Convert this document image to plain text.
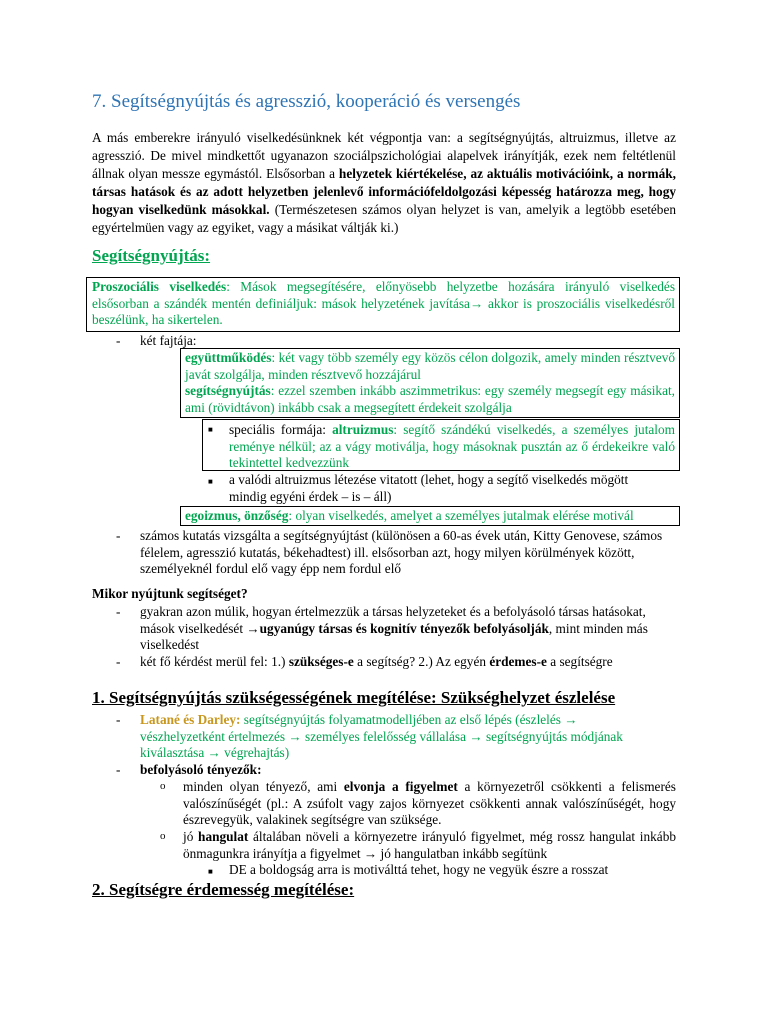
7. Segítségnyújtás és agresszió, kooperáció és versengés
A más emberekre irányuló viselkedésünknek két végpontja van: a segítségnyújtás, altruizmus, illetve az agresszió. De mivel mindkettőt ugyanazon szociálpszichológiai alapelvek irányítják, ezek nem feltétlenül állnak olyan messze egymástól. Elsősorban a helyzetek kiértékelése, az aktuális motivációink, a normák, társas hatások és az adott helyzetben jelenlevő információfeldolgozási képesség határozza meg, hogy hogyan viselkedünk másokkal. (Természetesen számos olyan helyzet is van, amelyik a legtöbb esetében egyértelmüen vagy az egyiket, vagy a másikat váltják ki.)
Segítségnyújtás:
Proszociális viselkedés: Mások megsegítésére, előnyösebb helyzetbe hozására irányuló viselkedés elsősorban a szándék mentén definiáljuk: mások helyzetének javítása→ akkor is proszociális viselkedésről beszélünk, ha sikertelen.
- két fajtája:
együttműködés: két vagy több személy egy közös célon dolgozik, amely minden résztvevő javát szolgálja, minden résztvevő hozzájárul
segítségnyújtás: ezzel szemben inkább aszimmetrikus: egy személy megsegít egy másikat, ami (rövidtávon) inkább csak a megsegített érdekeit szolgálja
■	speciális formája: altruizmus: segítő szándékú viselkedés, a személyes jutalom reménye nélkül; az a vágy motiválja, hogy másoknak pusztán az ő érdekeikre való tekintettel kedvezzünk
■ a valódi altruizmus létezése vitatott (lehet, hogy a segítő viselkedés mögött mindig egyéni érdek – is – áll)
egoizmus, önzőség: olyan viselkedés, amelyet a személyes jutalmak elérése motivál
- számos kutatás vizsgálta a segítségnyújtást (különösen a 60-as évek után, Kitty Genovese, számos félelem, agresszió kutatás, békehadtest) ill. elsősorban azt, hogy milyen körülmények között, személyeknél fordul elő vagy épp nem fordul elő
Mikor nyújtunk segítséget?
- gyakran azon múlik, hogyan értelmezzük a társas helyzeteket és a befolyásoló társas hatásokat, mások viselkedését →ugyanúgy társas és kognitív tényezők befolyásolják, mint minden más viselkedést
- két fő kérdést merül fel: 1.) szükséges-e a segítség? 2.) Az egyén érdemes-e a segítségre
1. Segítségnyújtás szükségességének megítélése: Szükséghelyzet észlelése
- Latané és Darley: segítségnyújtás folyamatmodelljében az első lépés (észlelés → vészhelyzetként értelmezés → személyes felelősség vállalása → segítségnyújtás módjának kiválasztása → végrehajtás)
- befolyásoló tényezők:
o minden olyan tényező, ami elvonja a figyelmet a környezetről csökkenti a felismerés valószínűségét (pl.: A zsúfolt vagy zajos környezet csökkenti annak valószínűségét, hogy észrevegyük, valakinek segítségre van szüksége.
o jó hangulat általában növeli a környezetre irányuló figyelmet, még rossz hangulat inkább önmagunkra irányítja a figyelmet → jó hangulatban inkább segítünk
■ DE a boldogság arra is motiválttá tehet, hogy ne vegyük észre a rosszat
2. Segítségre érdemesség megítélése:
